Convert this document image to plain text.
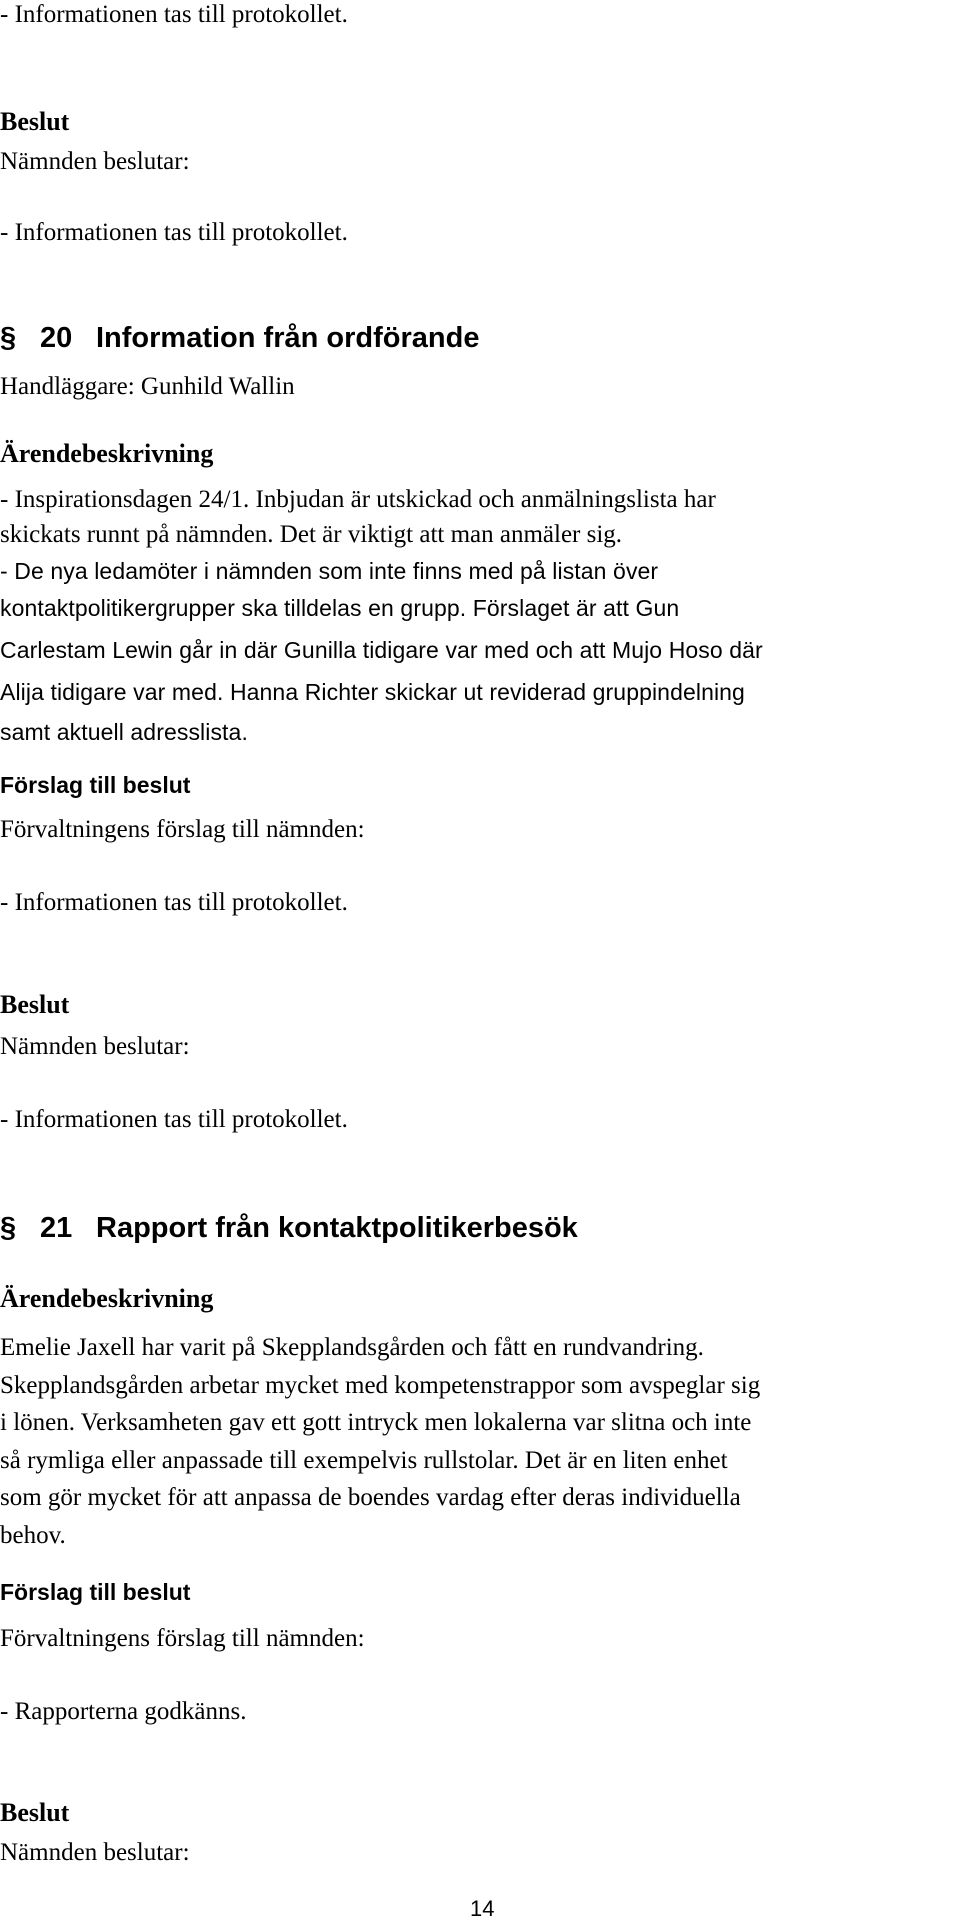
- Informationen tas till protokollet.

Beslut

Nämnden beslutar:

- Informationen tas till protokollet.

§ 20 Information från ordförande

Handläggare: Gunhild Wallin

Ärendebeskrivning

- Inspirationsdagen 24/1. Inbjudan är utskickad och anmälningslista har

skickats runnt på nämnden. Det är viktigt att man anmäler sig.

- De nya ledamöter i nämnden som inte finns med på listan över

kontaktpolitikergrupper ska tilldelas en grupp. Förslaget är att Gun

Carlestam Lewin går in där Gunilla tidigare var med och att Mujo Hoso där

Alija tidigare var med. Hanna Richter skickar ut reviderad gruppindelning

samt aktuell adresslista.

Förslag till beslut

Förvaltningens förslag till nämnden:

- Informationen tas till protokollet.

Beslut

Nämnden beslutar:

- Informationen tas till protokollet.

§ 21 Rapport från kontaktpolitikerbesök

Ärendebeskrivning

Emelie Jaxell har varit på Skepplandsgården och fått en rundvandring.

Skepplandsgården arbetar mycket med kompetenstrappor som avspeglar sig

i lönen. Verksamheten gav ett gott intryck men lokalerna var slitna och inte

så rymliga eller anpassade till exempelvis rullstolar. Det är en liten enhet

som gör mycket för att anpassa de boendes vardag efter deras individuella

behov.

Förslag till beslut

Förvaltningens förslag till nämnden:

- Rapporterna godkänns.

Beslut

Nämnden beslutar:

14
